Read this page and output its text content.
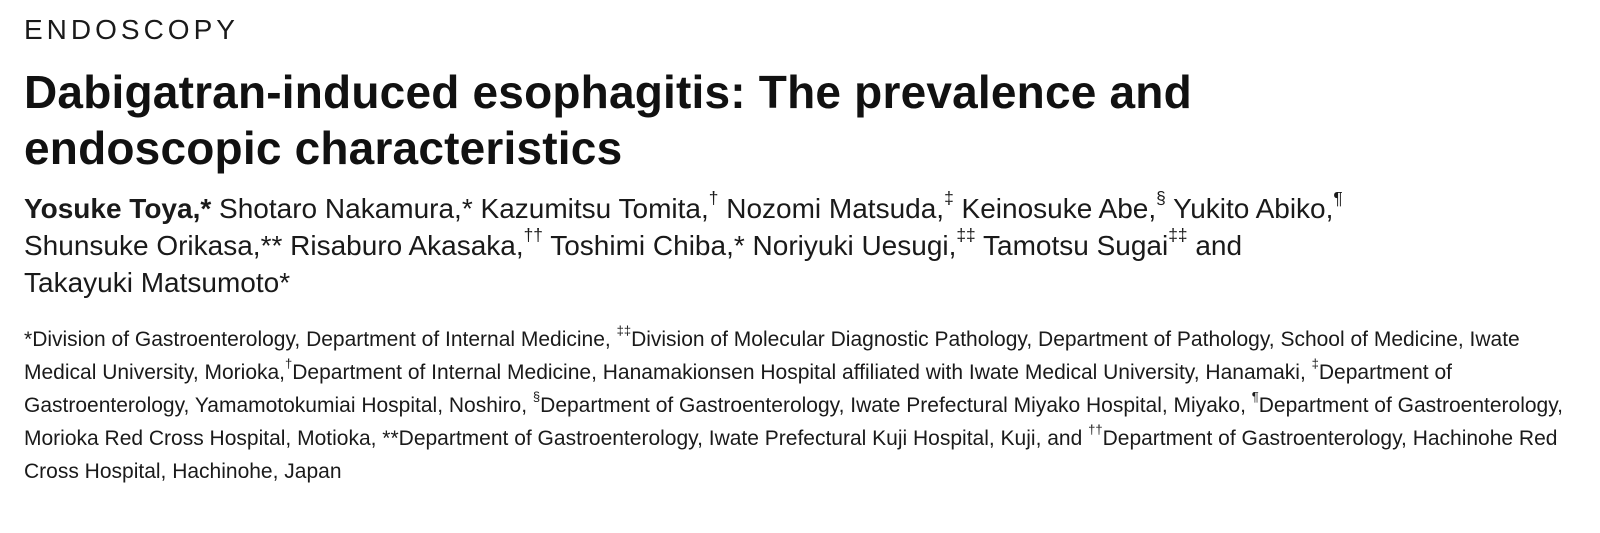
ENDOSCOPY

Dabigatran-induced esophagitis: The prevalence and
endoscopic characteristics

Yosuke Toya,* Shotaro Nakamura,* Kazumitsu Tomita,† Nozomi Matsuda,‡ Keinosuke Abe,§ Yukito Abiko,¶
Shunsuke Orikasa,** Risaburo Akasaka,†† Toshimi Chiba,* Noriyuki Uesugi,‡‡ Tamotsu Sugai‡‡ and
Takayuki Matsumoto*

*Division of Gastroenterology, Department of Internal Medicine, ‡‡Division of Molecular Diagnostic Pathology, Department of Pathology, School of Medicine, Iwate Medical University, Morioka,†Department of Internal Medicine, Hanamakionsen Hospital affiliated with Iwate Medical University, Hanamaki, ‡Department of Gastroenterology, Yamamotokumiai Hospital, Noshiro, §Department of Gastroenterology, Iwate Prefectural Miyako Hospital, Miyako, ¶Department of Gastroenterology, Morioka Red Cross Hospital, Motioka, **Department of Gastroenterology, Iwate Prefectural Kuji Hospital, Kuji, and ††Department of Gastroenterology, Hachinohe Red Cross Hospital, Hachinohe, Japan
